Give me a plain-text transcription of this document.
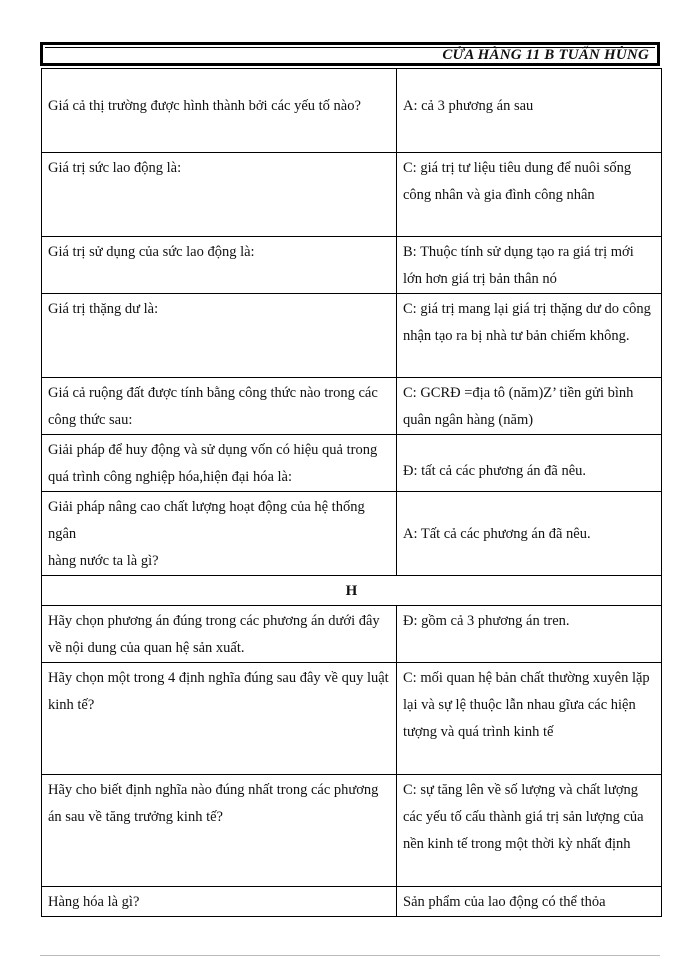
CỬA HÀNG 11 B TUẤN HÙNG
Giá cả thị trường được hình thành bởi các yếu tố nào?	A: cả 3 phương án sau
Giá trị sức lao động là:	C: giá trị tư liệu tiêu dung để nuôi sống công nhân và gia đình công nhân
Giá trị sử dụng của sức lao động là:	B: Thuộc tính sử dụng tạo ra giá trị mới lớn hơn giá trị bản thân nó
Giá trị thặng dư là:	C: giá trị mang lại giá trị thặng dư do công nhận tạo ra bị nhà tư bản chiếm không.
Giá cả ruộng đất được tính bằng công thức nào trong các công thức sau:	C: GCRĐ =địa tô (năm)Z’ tiền gửi bình quân ngân hàng (năm)
Giải pháp để huy động và sử dụng vốn có hiệu quả trong quá trình công nghiệp hóa,hiện đại hóa là:	Đ: tất cả các phương án đã nêu.

Giải pháp nâng cao chất lượng hoạt động của hệ thống ngân
hàng nước ta là gì?	A: Tất cả các phương án đã nêu.
H	
Hãy chọn phương án đúng trong các phương án dưới đây về nội dung của quan hệ sản xuất.	Đ: gồm cả 3 phương án tren.
Hãy chọn một trong 4 định nghĩa đúng sau đây về quy luật kinh tế?	C: mối quan hệ bản chất thường xuyên lặp lại và sự lệ thuộc lẫn nhau gĩưa các hiện tượng và quá trình kinh tế
Hãy cho biết định nghĩa nào đúng nhất trong các phương án sau về tăng trưởng kinh tế?	C: sự tăng lên về số lượng và chất lượng các yếu tố cấu thành giá trị sản lượng của nền kinh tế trong một thời kỳ nhất định
Hàng hóa là gì?	Sản phẩm của lao động có thể thỏa
